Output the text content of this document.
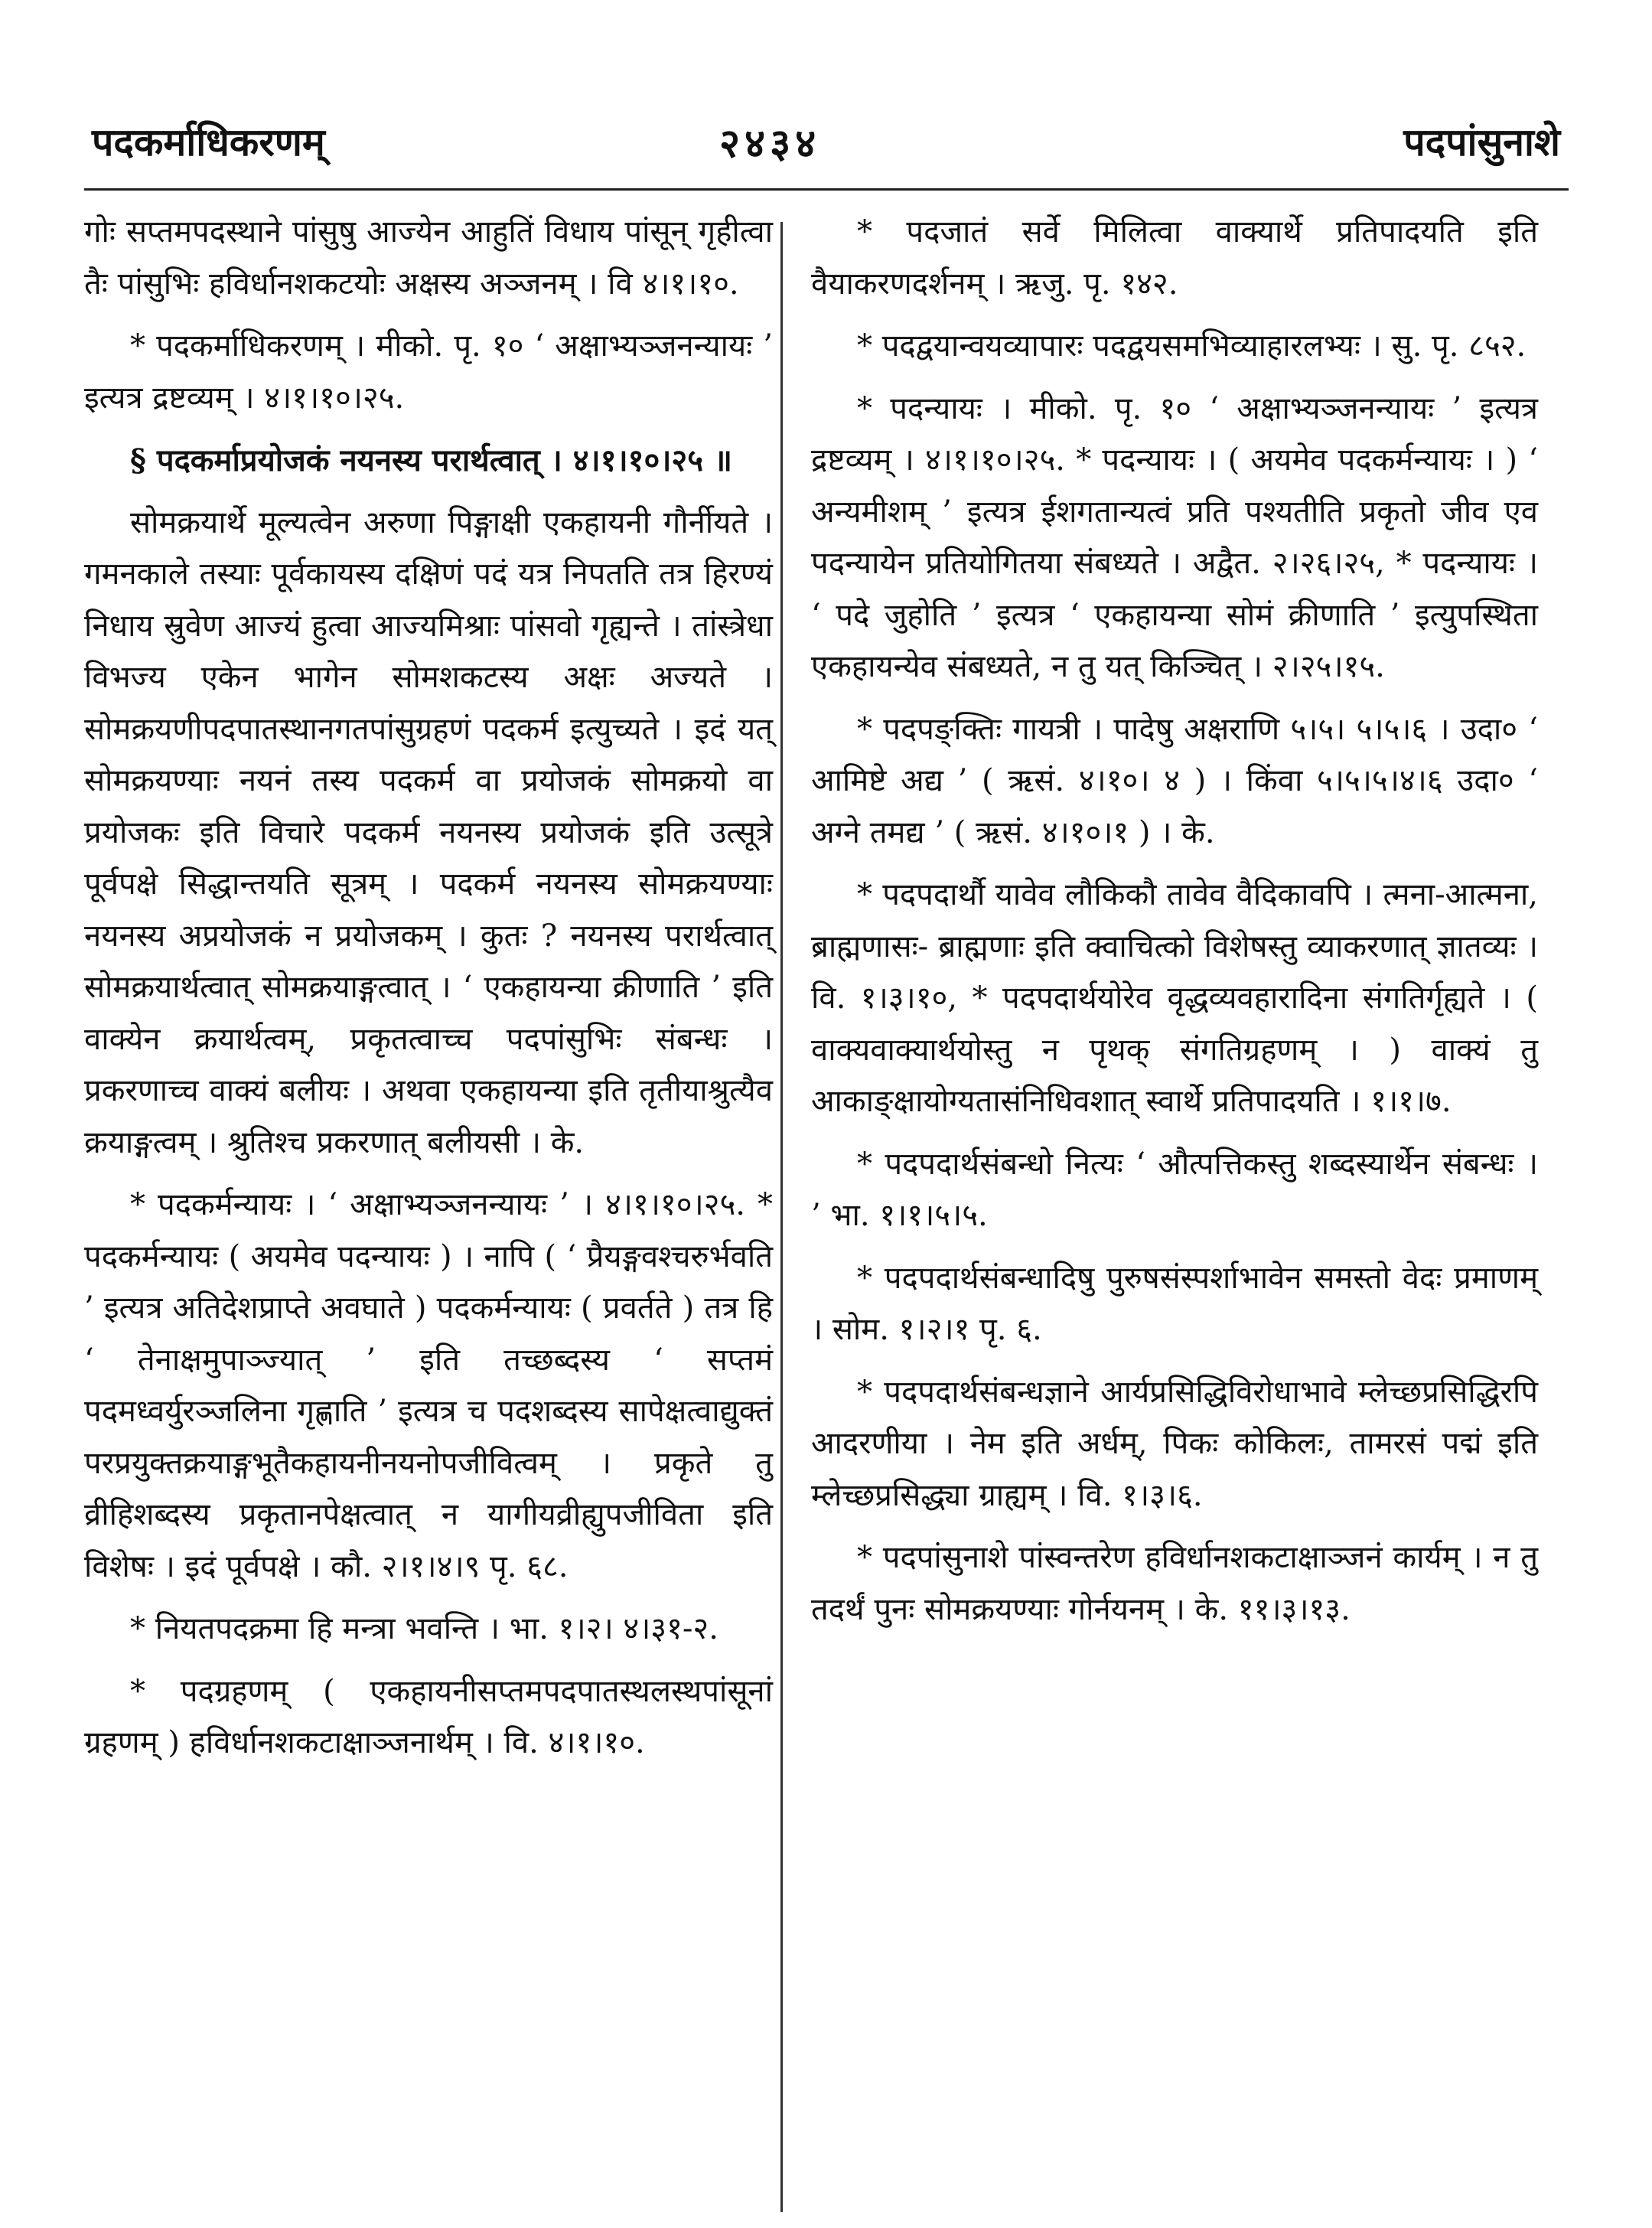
पदकर्माधिकरणम्	२४३४	पदपांसुनाशे

गोः सप्तमपदस्थाने पांसुषु आज्येन आहुतिं विधाय पांसून् गृहीत्वा तैः पांसुभिः हविर्धानशकटयोः अक्षस्य अञ्जनम् । वि ४।१।१०.

* पदकर्माधिकरणम् । मीको. पृ. १० ‘ अक्षाभ्यञ्जनन्यायः ’ इत्यत्र द्रष्टव्यम् । ४।१।१०।२५.

§ पदकर्माप्रयोजकं नयनस्य परार्थत्वात् । ४।१।१०।२५ ॥

सोमक्रयार्थे मूल्यत्वेन अरुणा पिङ्गाक्षी एकहायनी गौर्नीयते । गमनकाले तस्याः पूर्वकायस्य दक्षिणं पदं यत्र निपतति तत्र हिरण्यं निधाय स्रुवेण आज्यं हुत्वा आज्यमिश्राः पांसवो गृह्यन्ते । तांस्त्रेधा विभज्य एकेन भागेन सोमशकटस्य अक्षः अज्यते । सोमक्रयणीपदपातस्थानगतपांसुग्रहणं पदकर्म इत्युच्यते । इदं यत् सोमक्रयण्याः नयनं तस्य पदकर्म वा प्रयोजकं सोमक्रयो वा प्रयोजकः इति विचारे पदकर्म नयनस्य प्रयोजकं इति उत्सूत्रे पूर्वपक्षे सिद्धान्तयति सूत्रम् । पदकर्म नयनस्य सोमक्रयण्याः नयनस्य अप्रयोजकं न प्रयोजकम् । कुतः ? नयनस्य परार्थत्वात् सोमक्रयार्थत्वात् सोमक्रयाङ्गत्वात् । ‘ एकहायन्या क्रीणाति ’ इति वाक्येन क्रयार्थत्वम्, प्रकृतत्वाच्च पदपांसुभिः संबन्धः । प्रकरणाच्च वाक्यं बलीयः । अथवा एकहायन्या इति तृतीयाश्रुत्यैव क्रयाङ्गत्वम् । श्रुतिश्च प्रकरणात् बलीयसी । के.

* पदकर्मन्यायः । ‘ अक्षाभ्यञ्जनन्यायः ’ । ४।१।१०।२५. * पदकर्मन्यायः ( अयमेव पदन्यायः ) । नापि ( ‘ प्रैयङ्गवश्चरुर्भवति ’ इत्यत्र अतिदेशप्राप्ते अवघाते ) पदकर्मन्यायः ( प्रवर्तते ) तत्र हि ‘ तेनाक्षमुपाञ्ज्यात् ’ इति तच्छब्दस्य ‘ सप्तमं पदमध्वर्युरञ्जलिना गृह्णाति ’ इत्यत्र च पदशब्दस्य सापेक्षत्वाद्युक्तं परप्रयुक्तक्रयाङ्गभूतैकहायनीनयनोपजीवित्वम् । प्रकृते तु व्रीहिशब्दस्य प्रकृतानपेक्षत्वात् न यागीयव्रीह्युपजीविता इति विशेषः । इदं पूर्वपक्षे । कौ. २।१।४।९ पृ. ६८.

* नियतपदक्रमा हि मन्त्रा भवन्ति । भा. १।२। ४।३१-२.

* पदग्रहणम् ( एकहायनीसप्तमपदपातस्थलस्थपांसूनां ग्रहणम् ) हविर्धानशकटाक्षाञ्जनार्थम् । वि. ४।१।१०.

* पदजातं सर्वे मिलित्वा वाक्यार्थे प्रतिपादयति इति वैयाकरणदर्शनम् । ऋजु. पृ. १४२.

* पदद्वयान्वयव्यापारः पदद्वयसमभिव्याहारलभ्यः । सु. पृ. ८५२.

* पदन्यायः । मीको. पृ. १० ‘ अक्षाभ्यञ्जनन्यायः ’ इत्यत्र द्रष्टव्यम् । ४।१।१०।२५. * पदन्यायः । ( अयमेव पदकर्मन्यायः । ) ‘ अन्यमीशम् ’ इत्यत्र ईशगतान्यत्वं प्रति पश्यतीति प्रकृतो जीव एव पदन्यायेन प्रतियोगितया संबध्यते । अद्वैत. २।२६।२५, * पदन्यायः । ‘ पदे जुहोति ’ इत्यत्र ‘ एकहायन्या सोमं क्रीणाति ’ इत्युपस्थिता एकहायन्येव संबध्यते, न तु यत् किञ्चित् । २।२५।१५.

* पदपङ्क्तिः गायत्री । पादेषु अक्षराणि ५।५। ५।५।६ । उदा० ‘ आमिष्टे अद्य ’ ( ऋसं. ४।१०। ४ ) । किंवा ५।५।५।४।६ उदा० ‘ अग्ने तमद्य ’ ( ऋसं. ४।१०।१ ) । के.

* पदपदार्थौ यावेव लौकिकौ तावेव वैदिकावपि । त्मना-आत्मना, ब्राह्मणासः- ब्राह्मणाः इति क्वाचित्को विशेषस्तु व्याकरणात् ज्ञातव्यः । वि. १।३।१०, * पदपदार्थयोरेव वृद्धव्यवहारादिना संगतिर्गृह्यते । ( वाक्यवाक्यार्थयोस्तु न पृथक् संगतिग्रहणम् । ) वाक्यं तु आकाङ्क्षायोग्यतासंनिधिवशात् स्वार्थे प्रतिपादयति । १।१।७.

* पदपदार्थसंबन्धो नित्यः ‘ औत्पत्तिकस्तु शब्दस्यार्थेन संबन्धः । ’ भा. १।१।५।५.

* पदपदार्थसंबन्धादिषु पुरुषसंस्पर्शाभावेन समस्तो वेदः प्रमाणम् । सोम. १।२।१ पृ. ६.

* पदपदार्थसंबन्धज्ञाने आर्यप्रसिद्धिविरोधाभावे म्लेच्छप्रसिद्धिरपि आदरणीया । नेम इति अर्धम्, पिकः कोकिलः, तामरसं पद्मं इति म्लेच्छप्रसिद्ध्या ग्राह्यम् । वि. १।३।६.

* पदपांसुनाशे पांस्वन्तरेण हविर्धानशकटाक्षाञ्जनं कार्यम् । न तु तदर्थं पुनः सोमक्रयण्याः गोर्नयनम् । के. ११।३।१३.
